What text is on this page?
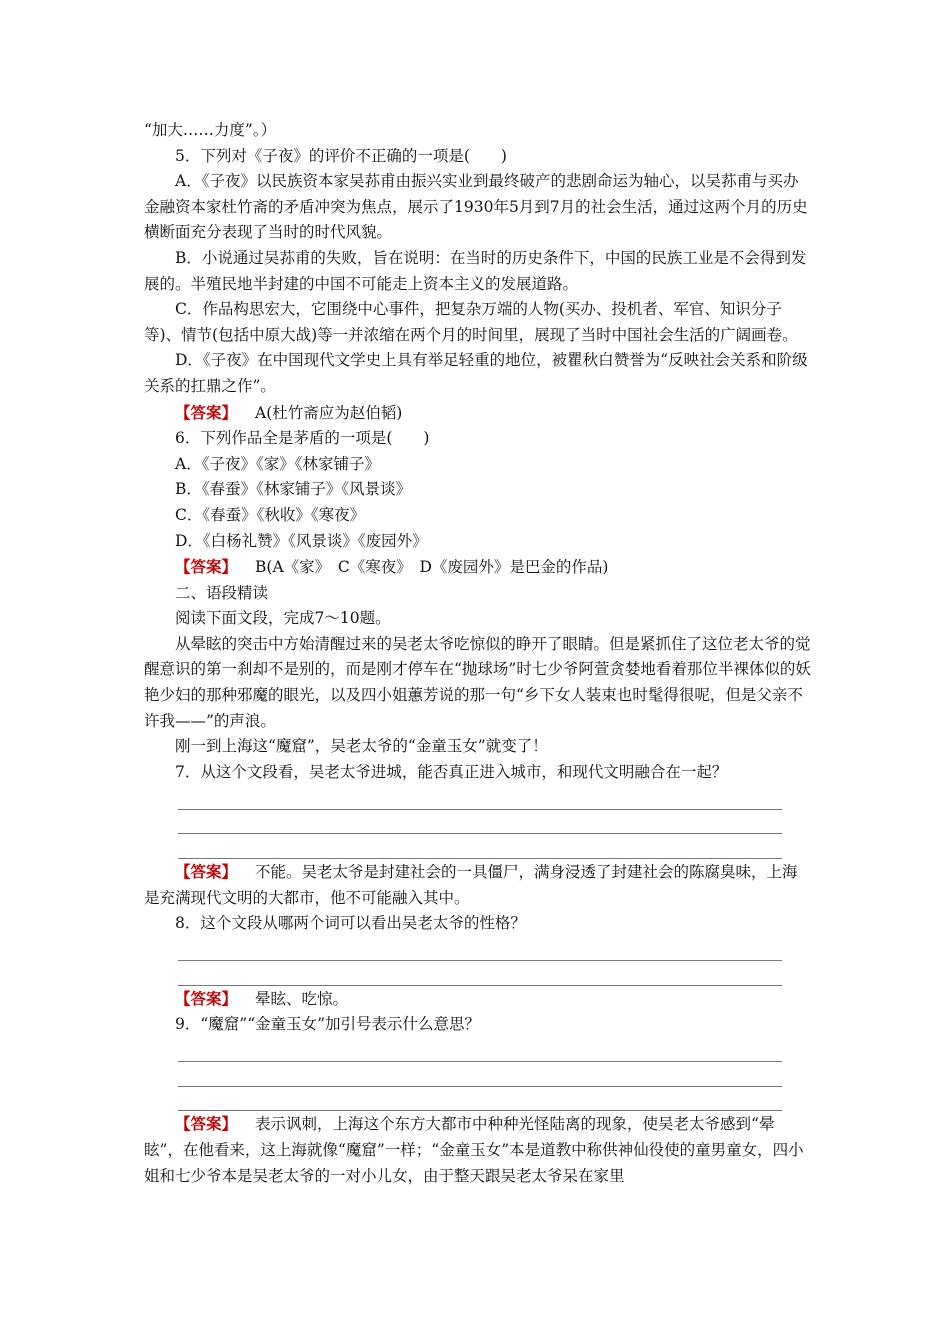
“加大……力度”。）

5．下列对《子夜》的评价不正确的一项是(　　)

A．《子夜》以民族资本家吴荪甫由振兴实业到最终破产的悲剧命运为轴心，以吴荪甫与买办金融资本家杜竹斋的矛盾冲突为焦点，展示了1930年5月到7月的社会生活，通过这两个月的历史横断面充分表现了当时的时代风貌。

B．小说通过吴荪甫的失败，旨在说明：在当时的历史条件下，中国的民族工业是不会得到发展的。半殖民地半封建的中国不可能走上资本主义的发展道路。

C．作品构思宏大，它围绕中心事件，把复杂万端的人物(买办、投机者、军官、知识分子等)、情节(包括中原大战)等一并浓缩在两个月的时间里，展现了当时中国社会生活的广阔画卷。

D．《子夜》在中国现代文学史上具有举足轻重的地位，被瞿秋白赞誉为“反映社会关系和阶级关系的扛鼎之作”。

【答案】 A(杜竹斋应为赵伯韬)

6．下列作品全是茅盾的一项是(　　)

A．《子夜》《家》《林家铺子》

B．《春蚕》《林家铺子》《风景谈》

C．《春蚕》《秋收》《寒夜》

D．《白杨礼赞》《风景谈》《废园外》

【答案】 B(A《家》　C《寒夜》　D《废园外》是巴金的作品)

二、语段精读

阅读下面文段，完成7～10题。

从晕眩的突击中方始清醒过来的吴老太爷吃惊似的睁开了眼睛。但是紧抓住了这位老太爷的觉醒意识的第一刹却不是别的，而是刚才停车在“抛球场”时七少爷阿萱贪婪地看着那位半裸体似的妖艳少妇的那种邪魔的眼光，以及四小姐蕙芳说的那一句“乡下女人装束也时髦得很呢，但是父亲不许我——”的声浪。

刚一到上海这“魔窟”，吴老太爷的“金童玉女”就变了！

7．从这个文段看，吴老太爷进城，能否真正进入城市，和现代文明融合在一起？

【答案】 不能。吴老太爷是封建社会的一具僵尸，满身浸透了封建社会的陈腐臭味，上海是充满现代文明的大都市，他不可能融入其中。

8．这个文段从哪两个词可以看出吴老太爷的性格？

【答案】 晕眩、吃惊。

9．“魔窟”“金童玉女”加引号表示什么意思？

【答案】 表示讽刺，上海这个东方大都市中种种光怪陆离的现象，使吴老太爷感到“晕眩”，在他看来，这上海就像“魔窟”一样；“金童玉女”本是道教中称供神仙役使的童男童女，四小姐和七少爷本是吴老太爷的一对小儿女，由于整天跟吴老太爷呆在家里
